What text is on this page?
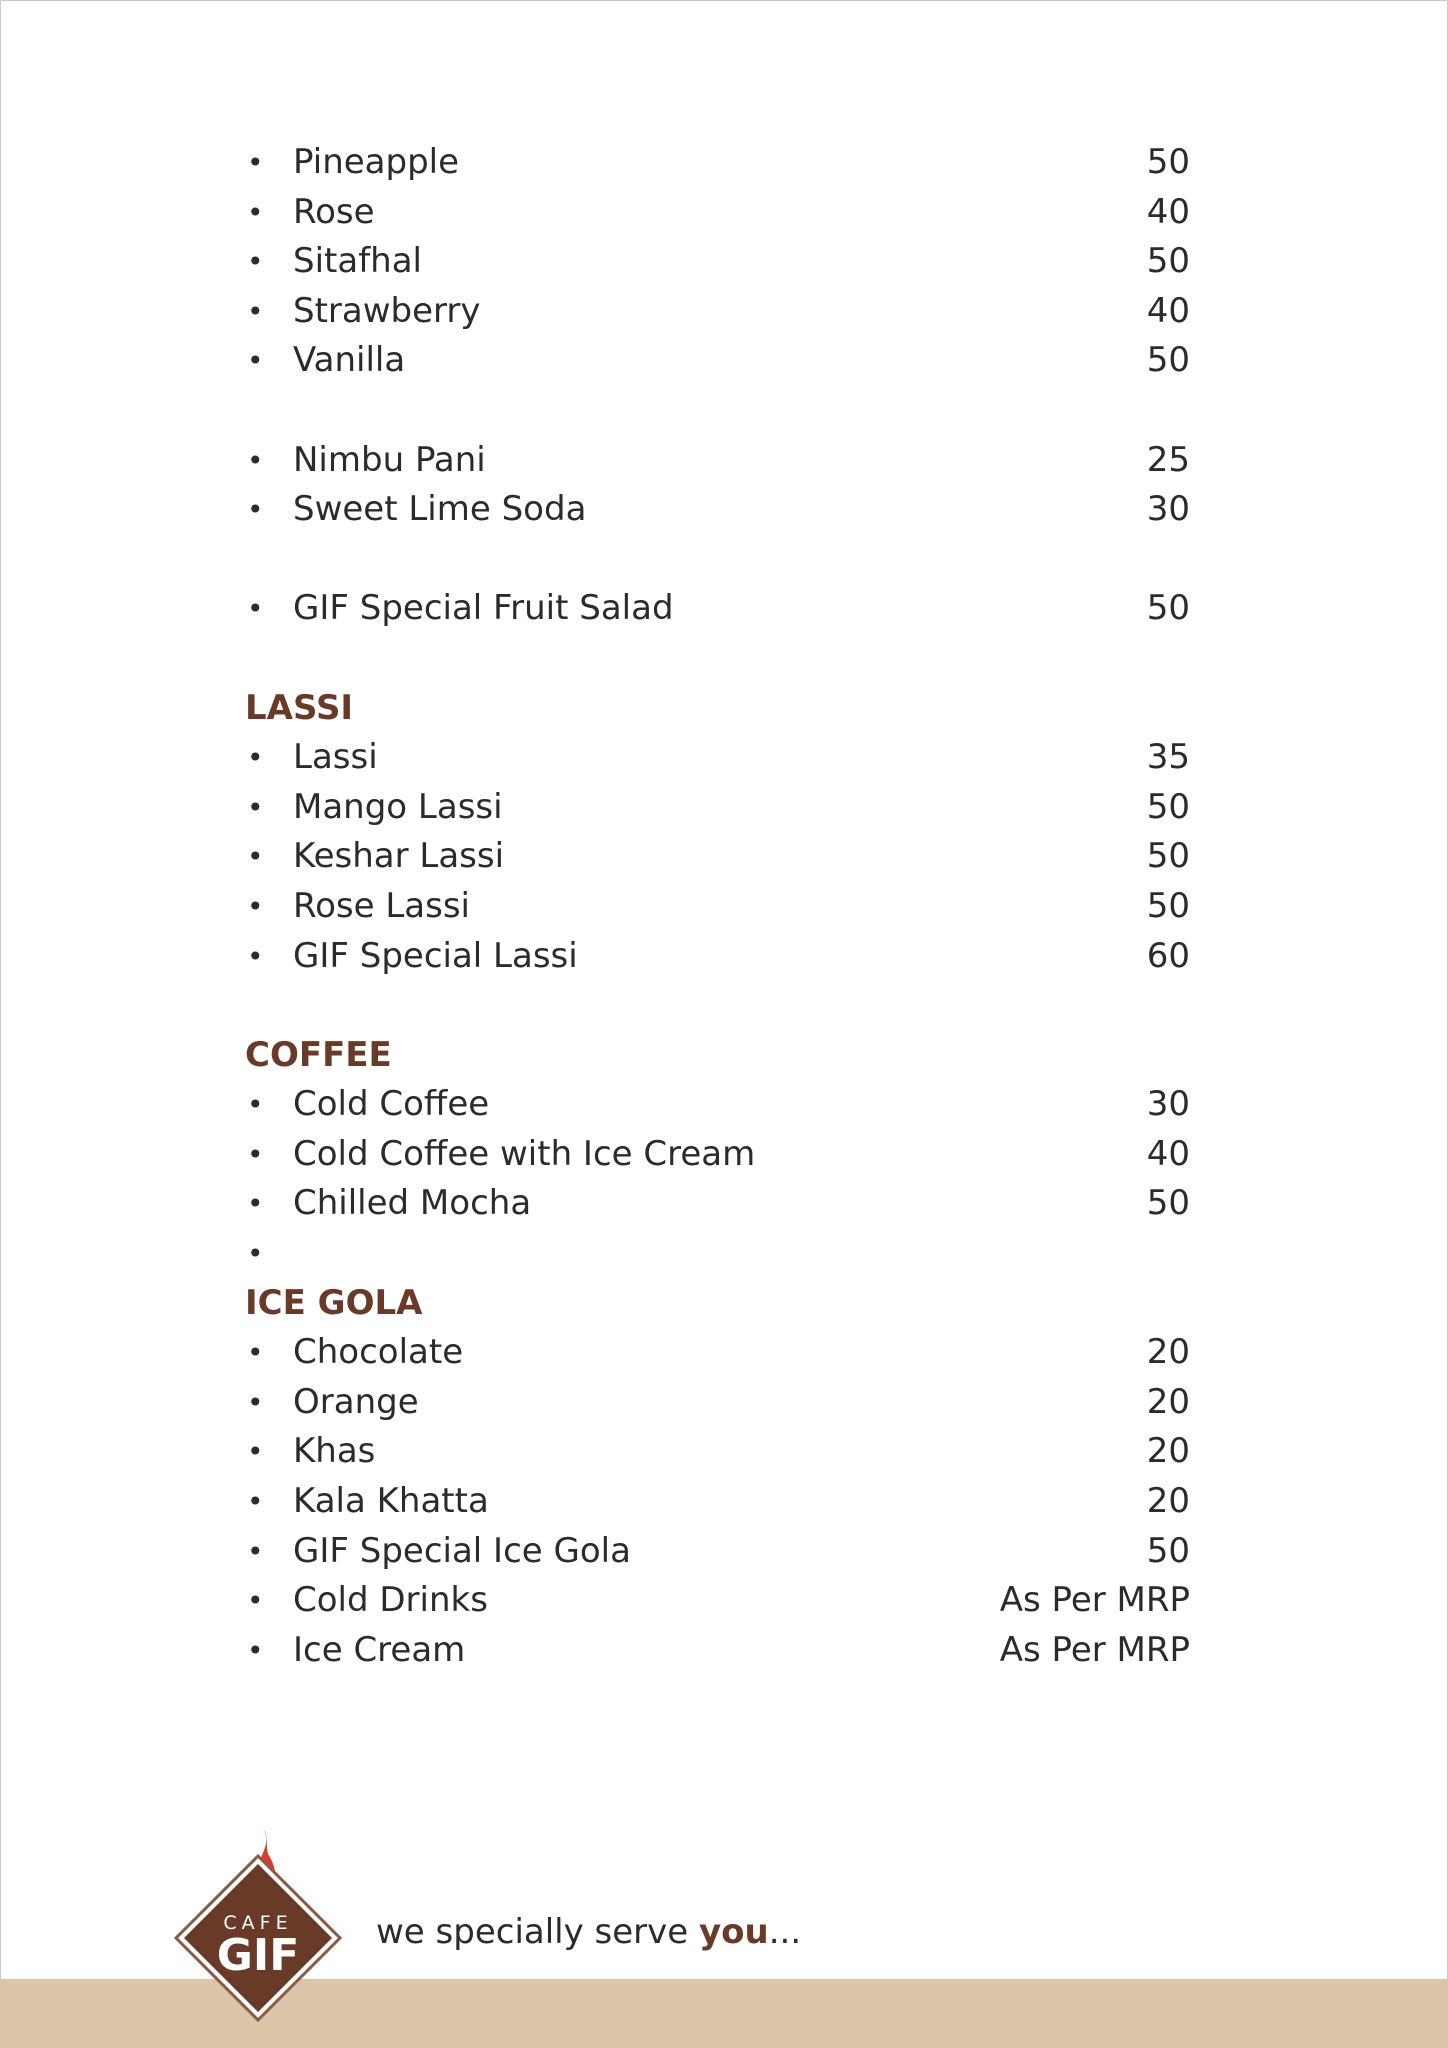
• Pineapple	50
• Rose	40
• Sitafhal	50
• Strawberry	40
• Vanilla	50
• Nimbu Pani	25
• Sweet Lime Soda	30
• GIF Special Fruit Salad	50
LASSI
• Lassi	35
• Mango Lassi	50
• Keshar Lassi	50
• Rose Lassi	50
• GIF Special Lassi	60
COFFEE
• Cold Coffee	30
• Cold Coffee with Ice Cream	40
• Chilled Mocha	50
•
ICE GOLA
• Chocolate	20
• Orange	20
• Khas	20
• Kala Khatta	20
• GIF Special Ice Gola	50
• Cold Drinks	As Per MRP
• Ice Cream	As Per MRP
CAFE
GIF we specially serve you...
